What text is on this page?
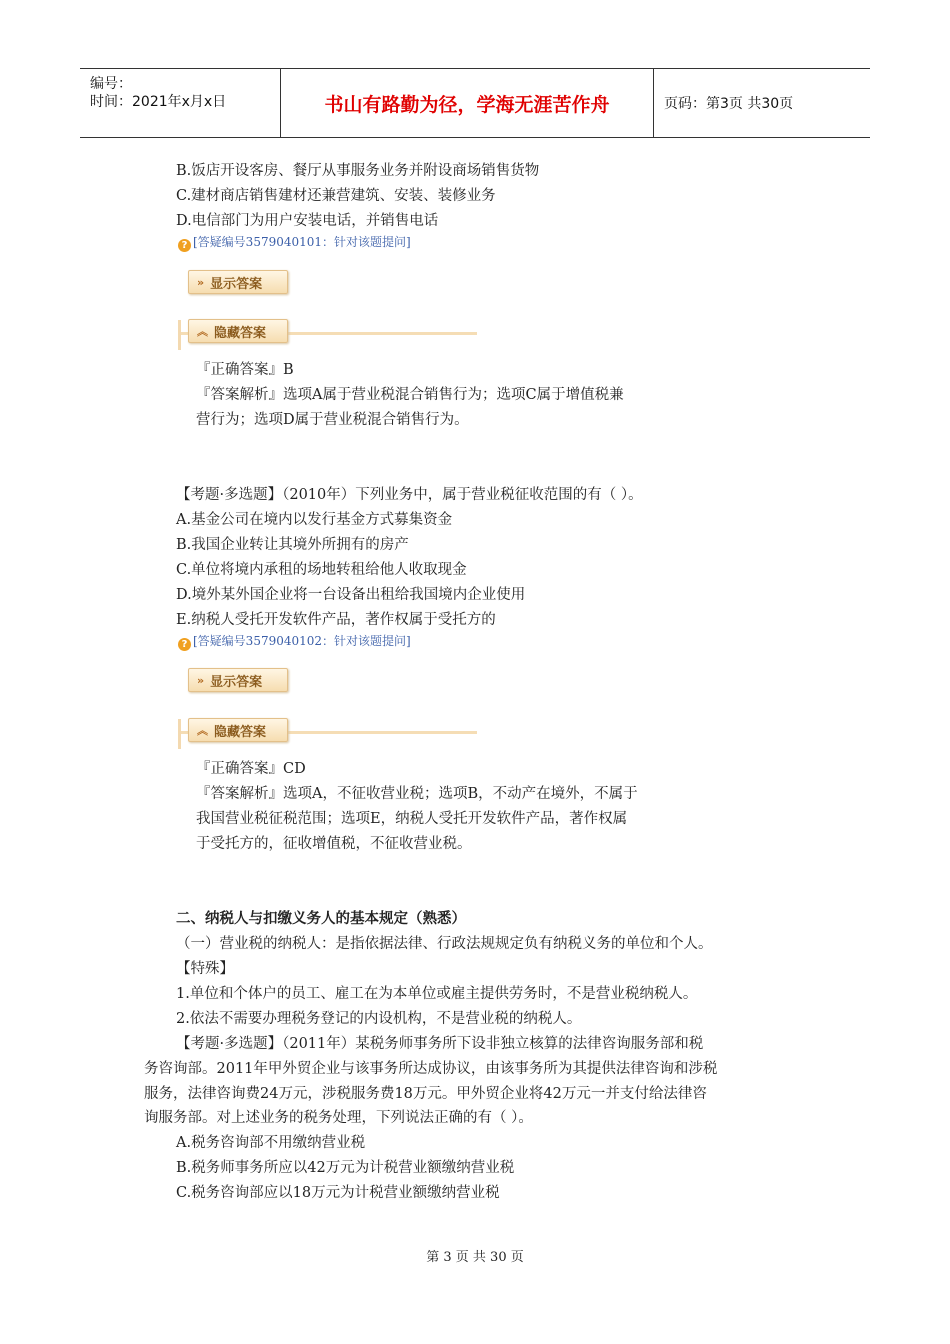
编号：
时间：2021年x月x日	书山有路勤为径，学海无涯苦作舟	页码：第3页 共30页
B.饭店开设客房、餐厅从事服务业务并附设商场销售货物
C.建材商店销售建材还兼营建筑、安装、装修业务
D.电信部门为用户安装电话，并销售电话
? [答疑编号3579040101：针对该题提问]
» 显示答案
︽ 隐藏答案
『正确答案』B
『答案解析』选项A属于营业税混合销售行为；选项C属于增值税兼
营行为；选项D属于营业税混合销售行为。
【考题·多选题】（2010年）下列业务中，属于营业税征收范围的有（ ）。
A.基金公司在境内以发行基金方式募集资金
B.我国企业转让其境外所拥有的房产
C.单位将境内承租的场地转租给他人收取现金
D.境外某外国企业将一台设备出租给我国境内企业使用
E.纳税人受托开发软件产品，著作权属于受托方的
? [答疑编号3579040102：针对该题提问]
» 显示答案
︽ 隐藏答案
『正确答案』CD
『答案解析』选项A，不征收营业税；选项B，不动产在境外，不属于
我国营业税征税范围；选项E，纳税人受托开发软件产品，著作权属
于受托方的，征收增值税，不征收营业税。
二、纳税人与扣缴义务人的基本规定（熟悉）
（一）营业税的纳税人：是指依据法律、行政法规规定负有纳税义务的单位和个人。
【特殊】
1.单位和个体户的员工、雇工在为本单位或雇主提供劳务时，不是营业税纳税人。
2.依法不需要办理税务登记的内设机构，不是营业税的纳税人。
【考题·多选题】（2011年）某税务师事务所下设非独立核算的法律咨询服务部和税
务咨询部。2011年甲外贸企业与该事务所达成协议，由该事务所为其提供法律咨询和涉税
服务，法律咨询费24万元，涉税服务费18万元。甲外贸企业将42万元一并支付给法律咨
询服务部。对上述业务的税务处理，下列说法正确的有（ ）。
A.税务咨询部不用缴纳营业税
B.税务师事务所应以42万元为计税营业额缴纳营业税
C.税务咨询部应以18万元为计税营业额缴纳营业税
第 3 页 共 30 页
